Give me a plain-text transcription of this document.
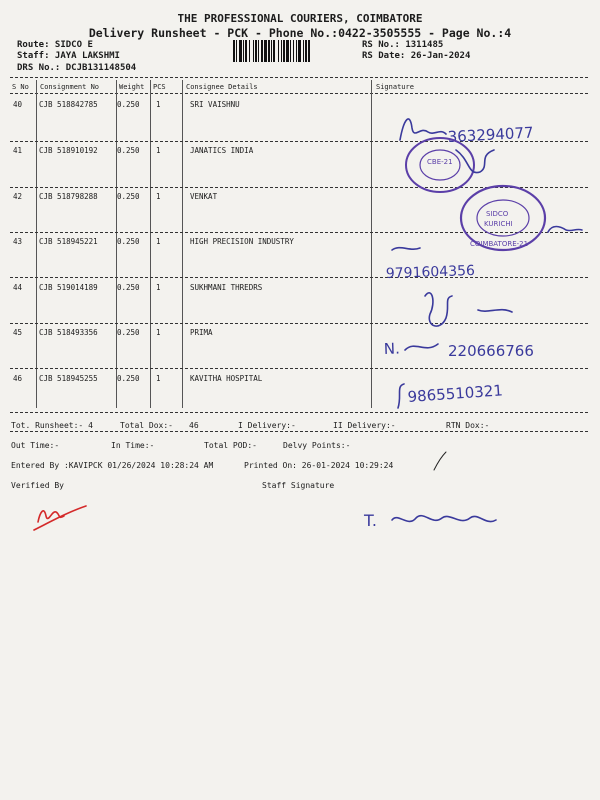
THE PROFESSIONAL COURIERS, COIMBATORE
Delivery Runsheet - PCK - Phone No.:0422-3505555 - Page No.:4
Route: SIDCO E
Staff: JAYA LAKSHMI
DRS No.: DCJB131148504
RS No.: 1311485
RS Date: 26-Jan-2024
S No Consignment No	Weight PCS	Consignee Details	Signature
40 CJB 518842785	0.250 1	SRI VAISHNU
41 CJB 518910192	0.250 1	JANATICS INDIA
42 CJB 518798288	0.250 1	VENKAT
43 CJB 518945221	0.250 1	HIGH PRECISION INDUSTRY
44 CJB 519014189	0.250 1	SUKHMANI THREDRS
45 CJB 518493356	0.250 1	PRIMA
46 CJB 518945255	0.250 1	KAVITHA HOSPITAL
Tot. Runsheet:- 4	Total Dox:- 46	I Delivery:-	II Delivery:-	RTN Dox:-
Out Time:-	In Time:-	Total POD:-	Delvy Points:-
Entered By :KAVIPCK 01/26/2024 10:28:24 AM	Printed On: 26-01-2024 10:29:24
Verified By	Staff Signature
363294077
CBE-21
SIDCO
KURICHI
COIMBATORE-21
9791604356
N.	220666766
9865510321
T.
